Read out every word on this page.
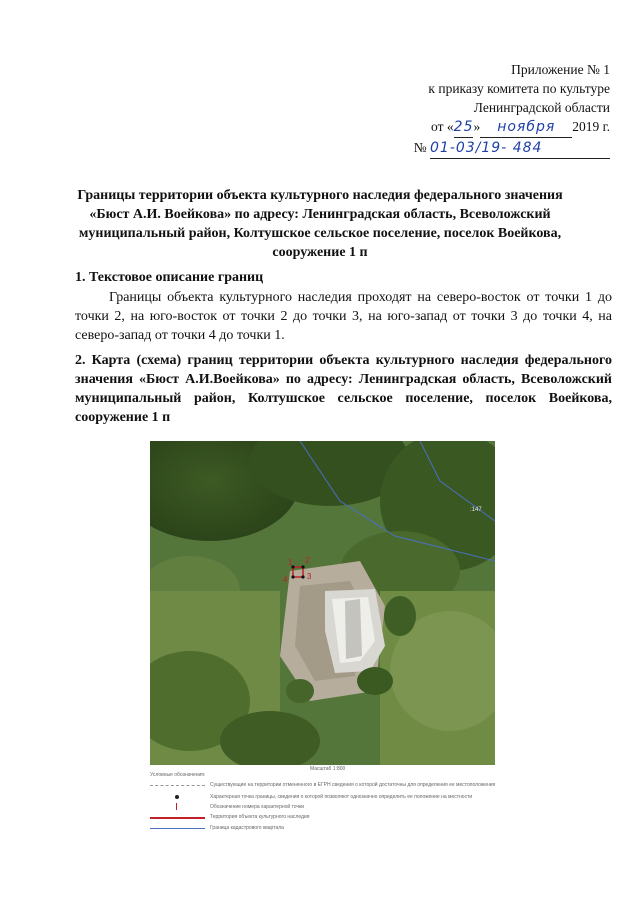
Приложение № 1
к приказу комитета по культуре
Ленинградской области
от «25» ноября 2019 г.
№ 01-03/19- 484
Границы территории объекта культурного наследия федерального значения «Бюст А.И. Воейкова» по адресу: Ленинградская область, Всеволожский муниципальный район, Колтушское сельское поселение, поселок Воейкова, сооружение 1 п
1. Текстовое описание границ
Границы объекта культурного наследия проходят на северо-восток от точки 1 до точки 2, на юго-восток от точки 2 до точки 3, на юго-запад от точки 3 до точки 4, на северо-запад от точки 4 до точки 1.
2. Карта (схема) границ территории объекта культурного наследия федерального значения «Бюст А.И.Воейкова» по адресу: Ленинградская область, Всеволожский муниципальный район, Колтушское сельское поселение, поселок Воейкова, сооружение 1 п
1 2
3
4
:147
Масштаб 1:800
Условные обозначения:
Существующие на территории отмененного в ЕГРН сведения о которой достаточны для определения ее местоположения
Характерная точка границы, сведения о которой позволяют однозначно определить ее положение на местности
Обозначение номера характерной точки
Территория объекта культурного наследия
Граница кадастрового квартала
